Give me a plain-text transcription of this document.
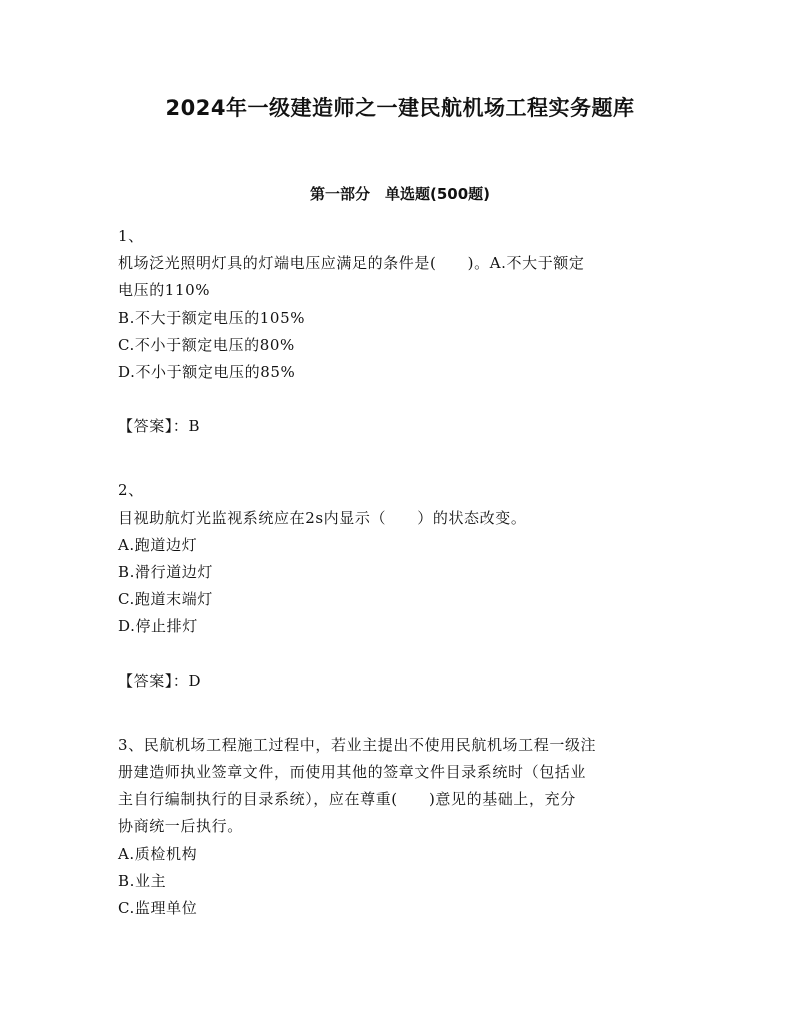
2024年一级建造师之一建民航机场工程实务题库
第一部分　单选题(500题)
1、
机场泛光照明灯具的灯端电压应满足的条件是(　　)。A.不大于额定
电压的110%
B.不大于额定电压的105%
C.不小于额定电压的80%
D.不小于额定电压的85%
【答案】：B
2、
目视助航灯光监视系统应在2s内显示（　　）的状态改变。
A.跑道边灯
B.滑行道边灯
C.跑道末端灯
D.停止排灯
【答案】：D
3、民航机场工程施工过程中，若业主提出不使用民航机场工程一级注
册建造师执业签章文件，而使用其他的签章文件目录系统时（包括业
主自行编制执行的目录系统），应在尊重(　　)意见的基础上，充分
协商统一后执行。
A.质检机构
B.业主
C.监理单位
